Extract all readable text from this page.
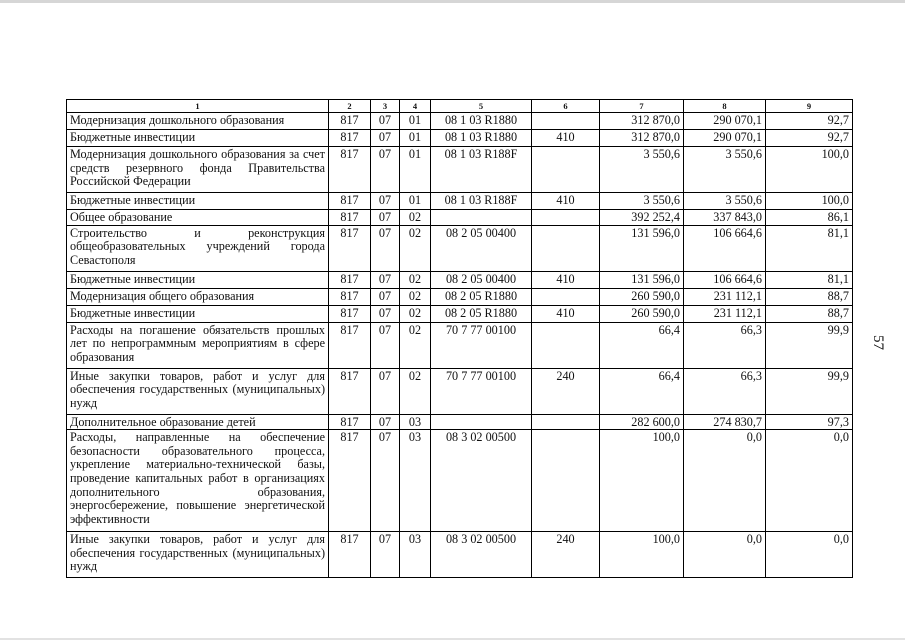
1	2	3	4	5	6	7	8	9
Модернизация дошкольного образования	817	07	01	08 1 03 R1880		312 870,0	290 070,1	92,7
Бюджетные инвестиции	817	07	01	08 1 03 R1880	410	312 870,0	290 070,1	92,7
Модернизация дошкольного образования за счет средств резервного фонда Правительства Российской Федерации	817	07	01	08 1 03 R188F		3 550,6	3 550,6	100,0
Бюджетные инвестиции	817	07	01	08 1 03 R188F	410	3 550,6	3 550,6	100,0
Общее образование	817	07	02			392 252,4	337 843,0	86,1
Строительство и реконструкция общеобразовательных учреждений города Севастополя	817	07	02	08 2 05 00400		131 596,0	106 664,6	81,1
Бюджетные инвестиции	817	07	02	08 2 05 00400	410	131 596,0	106 664,6	81,1
Модернизация общего образования	817	07	02	08 2 05 R1880		260 590,0	231 112,1	88,7
Бюджетные инвестиции	817	07	02	08 2 05 R1880	410	260 590,0	231 112,1	88,7
Расходы на погашение обязательств прошлых лет по непрограммным мероприятиям в сфере образования	817	07	02	70 7 77 00100		66,4	66,3	99,9
Иные закупки товаров, работ и услуг для обеспечения государственных (муниципальных) нужд	817	07	02	70 7 77 00100	240	66,4	66,3	99,9
Дополнительное образование детей	817	07	03			282 600,0	274 830,7	97,3
Расходы, направленные на обеспечение безопасности образовательного процесса, укрепление материально-технической базы, проведение капитальных работ в организациях дополнительного образования, энергосбережение, повышение энергетической эффективности	817	07	03	08 3 02 00500		100,0	0,0	0,0
Иные закупки товаров, работ и услуг для обеспечения государственных (муниципальных) нужд	817	07	03	08 3 02 00500	240	100,0	0,0	0,0
57
